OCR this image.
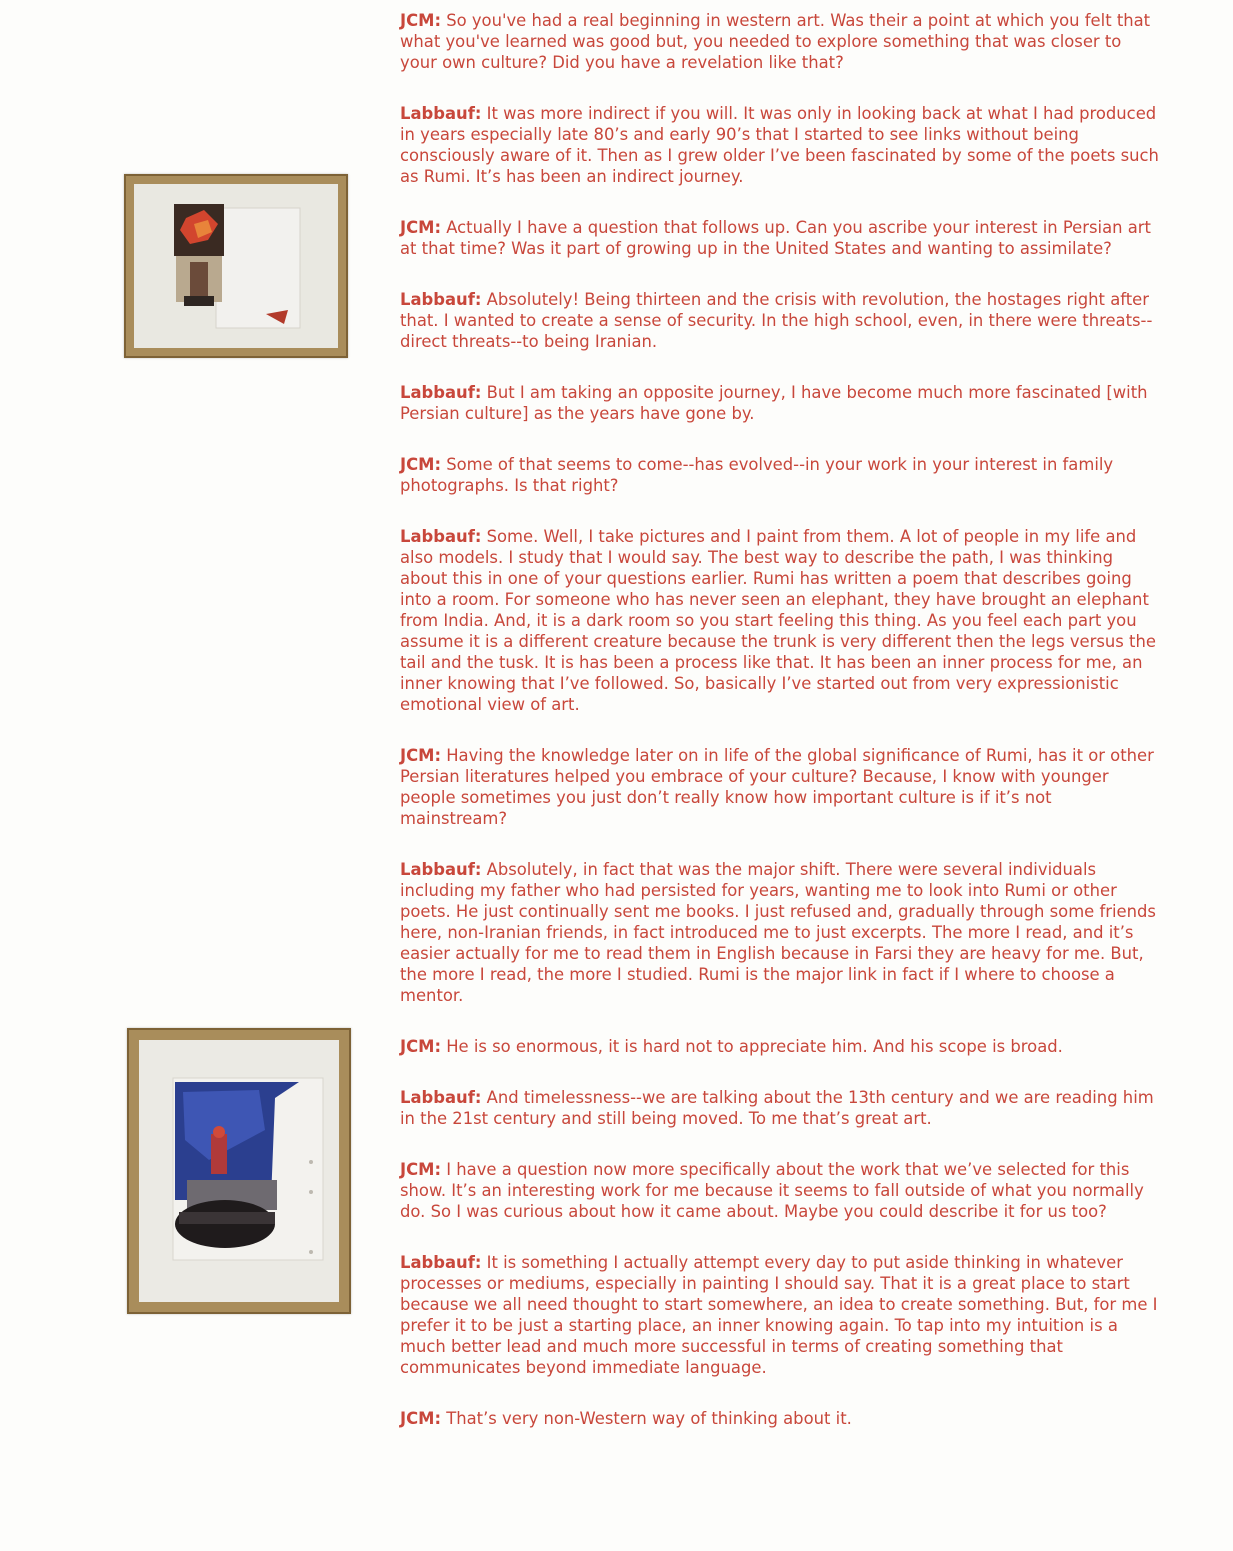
JCM: So you've had a real beginning in western art. Was their a point at which you felt that what you've learned was good but, you needed to explore something that was closer to your own culture? Did you have a revelation like that?

Labbauf: It was more indirect if you will. It was only in looking back at what I had produced in years especially late 80’s and early 90’s that I started to see links without being consciously aware of it. Then as I grew older I’ve been fascinated by some of the poets such as Rumi. It’s has been an indirect journey.

JCM: Actually I have a question that follows up. Can you ascribe your interest in Persian art at that time? Was it part of growing up in the United States and wanting to assimilate?

Labbauf: Absolutely! Being thirteen and the crisis with revolution, the hostages right after that. I wanted to create a sense of security. In the high school, even, in there were threats--direct threats--to being Iranian.

Labbauf: But I am taking an opposite journey, I have become much more fascinated [with Persian culture] as the years have gone by.

JCM: Some of that seems to come--has evolved--in your work in your interest in family photographs. Is that right?

Labbauf: Some. Well, I take pictures and I paint from them. A lot of people in my life and also models. I study that I would say. The best way to describe the path, I was thinking about this in one of your questions earlier. Rumi has written a poem that describes going into a room. For someone who has never seen an elephant, they have brought an elephant from India. And, it is a dark room so you start feeling this thing. As you feel each part you assume it is a different creature because the trunk is very different then the legs versus the tail and the tusk. It is has been a process like that. It has been an inner process for me, an inner knowing that I’ve followed. So, basically I’ve started out from very expressionistic emotional view of art.

JCM: Having the knowledge later on in life of the global significance of Rumi, has it or other Persian literatures helped you embrace of your culture? Because, I know with younger people sometimes you just don’t really know how important culture is if it’s not mainstream?

Labbauf: Absolutely, in fact that was the major shift. There were several individuals including my father who had persisted for years, wanting me to look into Rumi or other poets. He just continually sent me books. I just refused and, gradually through some friends here, non-Iranian friends, in fact introduced me to just excerpts. The more I read, and it’s easier actually for me to read them in English because in Farsi they are heavy for me. But, the more I read, the more I studied. Rumi is the major link in fact if I where to choose a mentor.

JCM: He is so enormous, it is hard not to appreciate him. And his scope is broad.

Labbauf: And timelessness--we are talking about the 13th century and we are reading him in the 21st century and still being moved. To me that’s great art.

JCM: I have a question now more specifically about the work that we’ve selected for this show. It’s an interesting work for me because it seems to fall outside of what you normally do. So I was curious about how it came about. Maybe you could describe it for us too?

Labbauf: It is something I actually attempt every day to put aside thinking in whatever processes or mediums, especially in painting I should say. That it is a great place to start because we all need thought to start somewhere, an idea to create something. But, for me I prefer it to be just a starting place, an inner knowing again. To tap into my intuition is a much better lead and much more successful in terms of creating something that communicates beyond immediate language.

JCM: That’s very non-Western way of thinking about it.
